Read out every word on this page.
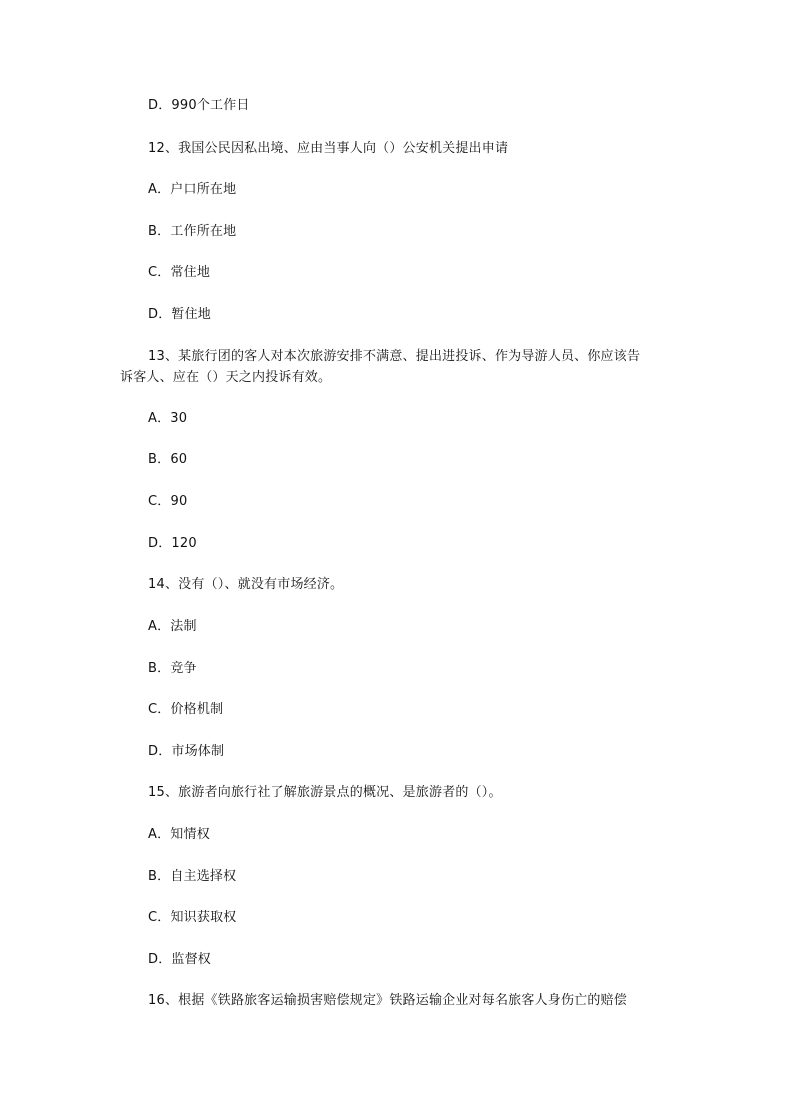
D．990个工作日
12、我国公民因私出境、应由当事人向（）公安机关提出申请
A．户口所在地
B．工作所在地
C．常住地
D．暂住地
13、某旅行团的客人对本次旅游安排不满意、提出进投诉、作为导游人员、你应该告
诉客人、应在（）天之内投诉有效。
A．30
B．60
C．90
D．120
14、没有（）、就没有市场经济。
A．法制
B．竞争
C．价格机制
D．市场体制
15、旅游者向旅行社了解旅游景点的概况、是旅游者的（）。
A．知情权
B．自主选择权
C．知识获取权
D．监督权
16、根据《铁路旅客运输损害赔偿规定》铁路运输企业对每名旅客人身伤亡的赔偿
